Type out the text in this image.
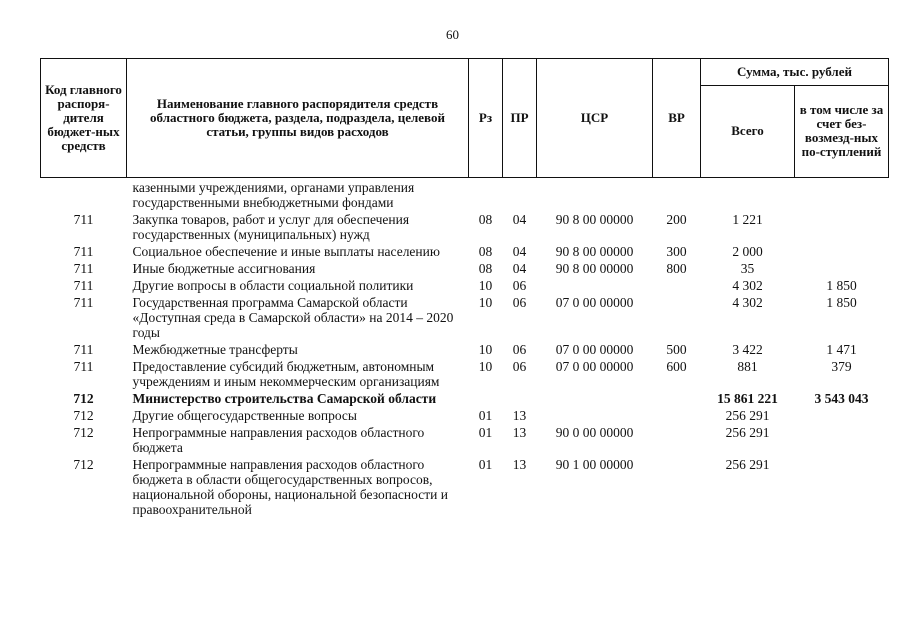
60
Код главного распоря-дителя бюджет-ных средств	Наименование главного распорядителя средств областного бюджета, раздела, подраздела, целевой статьи, группы видов расходов	Рз	ПР	ЦСР	ВР	Сумма, тыс. рублей	
						Всего	в том числе за счет без-возмезд-ных по-ступлений
	казенными учреждениями, органами управления государственными внебюджетными фондами						
711	Закупка товаров, работ и услуг для обеспечения государственных (муниципальных) нужд	08	04	90 8 00 00000	200	1 221	
711	Социальное обеспечение и иные выплаты населению	08	04	90 8 00 00000	300	2 000	
711	Иные бюджетные ассигнования	08	04	90 8 00 00000	800	35	
711	Другие вопросы в области социальной политики	10	06			4 302	1 850
711	Государственная программа Самарской области «Доступная среда в Самарской области» на 2014 – 2020 годы	10	06	07 0 00 00000		4 302	1 850
711	Межбюджетные трансферты	10	06	07 0 00 00000	500	3 422	1 471
711	Предоставление субсидий бюджетным, автономным учреждениям и иным некоммерческим организациям	10	06	07 0 00 00000	600	881	379
712	Министерство строительства Самарской области					15 861 221	3 543 043
712	Другие общегосударственные вопросы	01	13			256 291	
712	Непрограммные направления расходов областного бюджета	01	13	90 0 00 00000		256 291	
712	Непрограммные направления расходов областного бюджета в области общегосударственных вопросов, национальной обороны, национальной безопасности и правоохранительной	01	13	90 1 00 00000		256 291	
